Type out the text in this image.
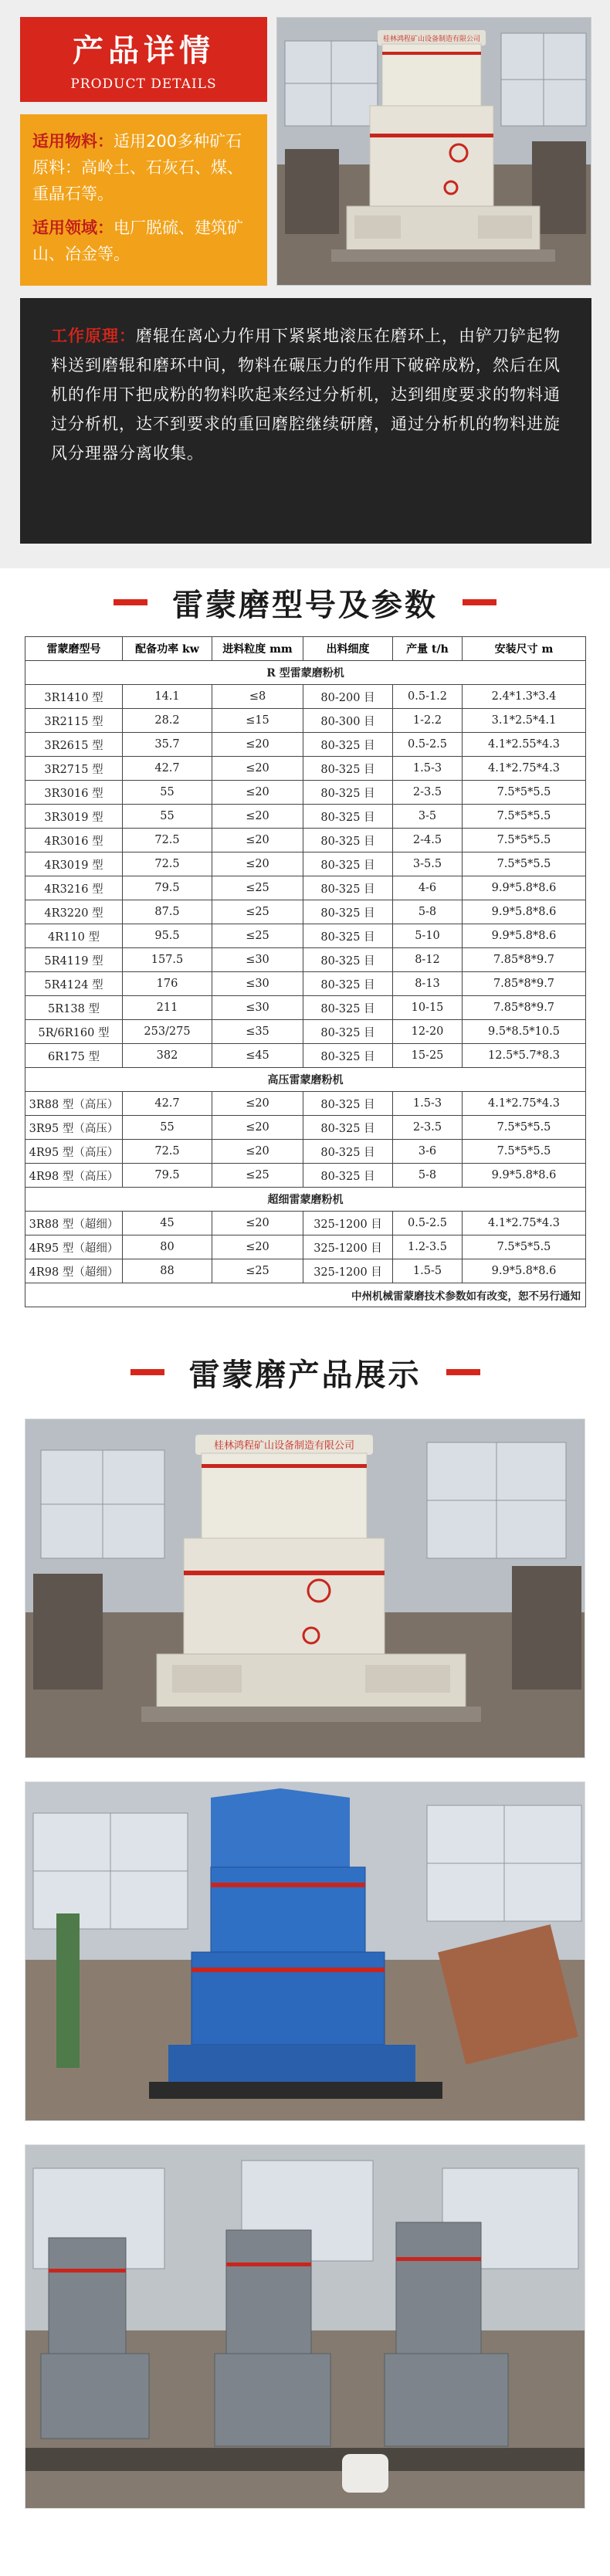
产品详情
PRODUCT DETAILS

适用物料：适用200多种矿石原料：高岭土、石灰石、煤、重晶石等。

适用领域：电厂脱硫、建筑矿山、冶金等。

桂林鸿程矿山设备制造有限公司
工作原理：磨辊在离心力作用下紧紧地滚压在磨环上，由铲刀铲起物料送到磨辊和磨环中间，物料在碾压力的作用下破碎成粉，然后在风机的作用下把成粉的物料吹起来经过分析机，达到细度要求的物料通过分析机，达不到要求的重回磨腔继续研磨，通过分析机的物料进旋风分理器分离收集。
雷蒙磨型号及参数
雷蒙磨型号	配备功率 kw	进料粒度 mm	出料细度	产量 t/h	安装尺寸 m
R 型雷蒙磨粉机					
3R1410 型	14.1	≤8	80-200 目	0.5-1.2	2.4*1.3*3.4
3R2115 型	28.2	≤15	80-300 目	1-2.2	3.1*2.5*4.1
3R2615 型	35.7	≤20	80-325 目	0.5-2.5	4.1*2.55*4.3
3R2715 型	42.7	≤20	80-325 目	1.5-3	4.1*2.75*4.3
3R3016 型	55	≤20	80-325 目	2-3.5	7.5*5*5.5
3R3019 型	55	≤20	80-325 目	3-5	7.5*5*5.5
4R3016 型	72.5	≤20	80-325 目	2-4.5	7.5*5*5.5
4R3019 型	72.5	≤20	80-325 目	3-5.5	7.5*5*5.5
4R3216 型	79.5	≤25	80-325 目	4-6	9.9*5.8*8.6
4R3220 型	87.5	≤25	80-325 目	5-8	9.9*5.8*8.6
4R110 型	95.5	≤25	80-325 目	5-10	9.9*5.8*8.6
5R4119 型	157.5	≤30	80-325 目	8-12	7.85*8*9.7
5R4124 型	176	≤30	80-325 目	8-13	7.85*8*9.7
5R138 型	211	≤30	80-325 目	10-15	7.85*8*9.7
5R/6R160 型	253/275	≤35	80-325 目	12-20	9.5*8.5*10.5
6R175 型	382	≤45	80-325 目	15-25	12.5*5.7*8.3
高压雷蒙磨粉机					
3R88 型（高压）	42.7	≤20	80-325 目	1.5-3	4.1*2.75*4.3
3R95 型（高压）	55	≤20	80-325 目	2-3.5	7.5*5*5.5
4R95 型（高压）	72.5	≤20	80-325 目	3-6	7.5*5*5.5
4R98 型（高压）	79.5	≤25	80-325 目	5-8	9.9*5.8*8.6
超细雷蒙磨粉机					
3R88 型（超细）	45	≤20	325-1200 目	0.5-2.5	4.1*2.75*4.3
4R95 型（超细）	80	≤20	325-1200 目	1.2-3.5	7.5*5*5.5
4R98 型（超细）	88	≤25	325-1200 目	1.5-5	9.9*5.8*8.6
中州机械雷蒙磨技术参数如有改变，恕不另行通知					
雷蒙磨产品展示
桂林鸿程矿山设备制造有限公司
